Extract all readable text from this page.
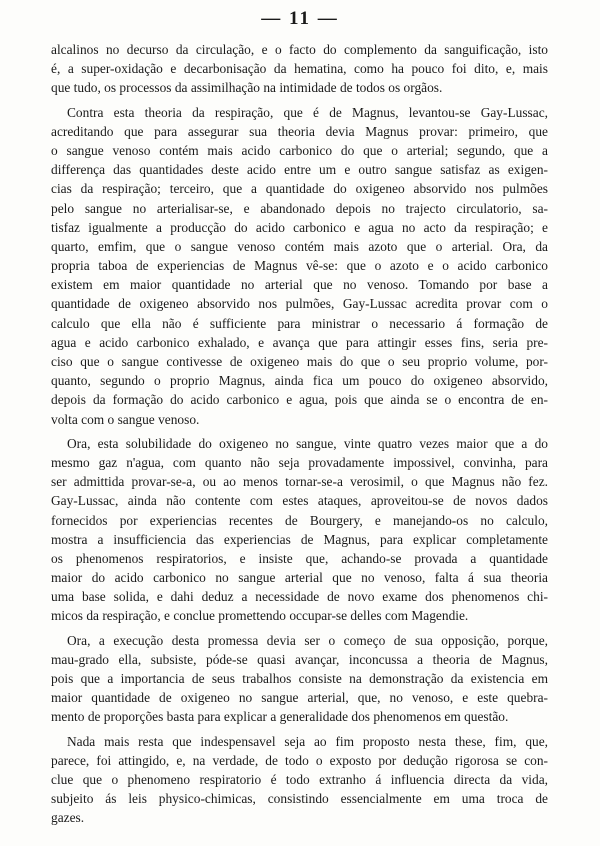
— 11 —
alcalinos no decurso da circulação, e o facto do complemento da sanguificação, isto
é, a super-oxidação e decarbonisação da hematina, como ha pouco foi dito, e, mais
que tudo, os processos da assimilhação na intimidade de todos os orgãos.
Contra esta theoria da respiração, que é de Magnus, levantou-se Gay-Lussac,
acreditando que para assegurar sua theoria devia Magnus provar: primeiro, que
o sangue venoso contém mais acido carbonico do que o arterial; segundo, que a
differença das quantidades deste acido entre um e outro sangue satisfaz as exigen-
cias da respiração; terceiro, que a quantidade do oxigeneo absorvido nos pulmões
pelo sangue no arterialisar-se, e abandonado depois no trajecto circulatorio, sa-
tisfaz igualmente a producção do acido carbonico e agua no acto da respiração; e
quarto, emfim, que o sangue venoso contém mais azoto que o arterial. Ora, da
propria taboa de experiencias de Magnus vê-se: que o azoto e o acido carbonico
existem em maior quantidade no arterial que no venoso. Tomando por base a
quantidade de oxigeneo absorvido nos pulmões, Gay-Lussac acredita provar com o
calculo que ella não é sufficiente para ministrar o necessario á formação de
agua e acido carbonico exhalado, e avança que para attingir esses fins, seria pre-
ciso que o sangue contivesse de oxigeneo mais do que o seu proprio volume, por-
quanto, segundo o proprio Magnus, ainda fica um pouco do oxigeneo absorvido,
depois da formação do acido carbonico e agua, pois que ainda se o encontra de en-
volta com o sangue venoso.
Ora, esta solubilidade do oxigeneo no sangue, vinte quatro vezes maior que a do
mesmo gaz n'agua, com quanto não seja provadamente impossivel, convinha, para
ser admittida provar-se-a, ou ao menos tornar-se-a verosimil, o que Magnus não fez.
Gay-Lussac, ainda não contente com estes ataques, aproveitou-se de novos dados
fornecidos por experiencias recentes de Bourgery, e manejando-os no calculo,
mostra a insufficiencia das experiencias de Magnus, para explicar completamente
os phenomenos respiratorios, e insiste que, achando-se provada a quantidade
maior do acido carbonico no sangue arterial que no venoso, falta á sua theoria
uma base solida, e dahi deduz a necessidade de novo exame dos phenomenos chi-
micos da respiração, e conclue promettendo occupar-se delles com Magendie.
Ora, a execução desta promessa devia ser o começo de sua opposição, porque,
mau-grado ella, subsiste, póde-se quasi avançar, inconcussa a theoria de Magnus,
pois que a importancia de seus trabalhos consiste na demonstração da existencia em
maior quantidade de oxigeneo no sangue arterial, que, no venoso, e este quebra-
mento de proporções basta para explicar a generalidade dos phenomenos em questão.
Nada mais resta que indespensavel seja ao fim proposto nesta these, fim, que,
parece, foi attingido, e, na verdade, de todo o exposto por dedução rigorosa se con-
clue que o phenomeno respiratorio é todo extranho á influencia directa da vida,
subjeito ás leis physico-chimicas, consistindo essencialmente em uma troca de
gazes.
